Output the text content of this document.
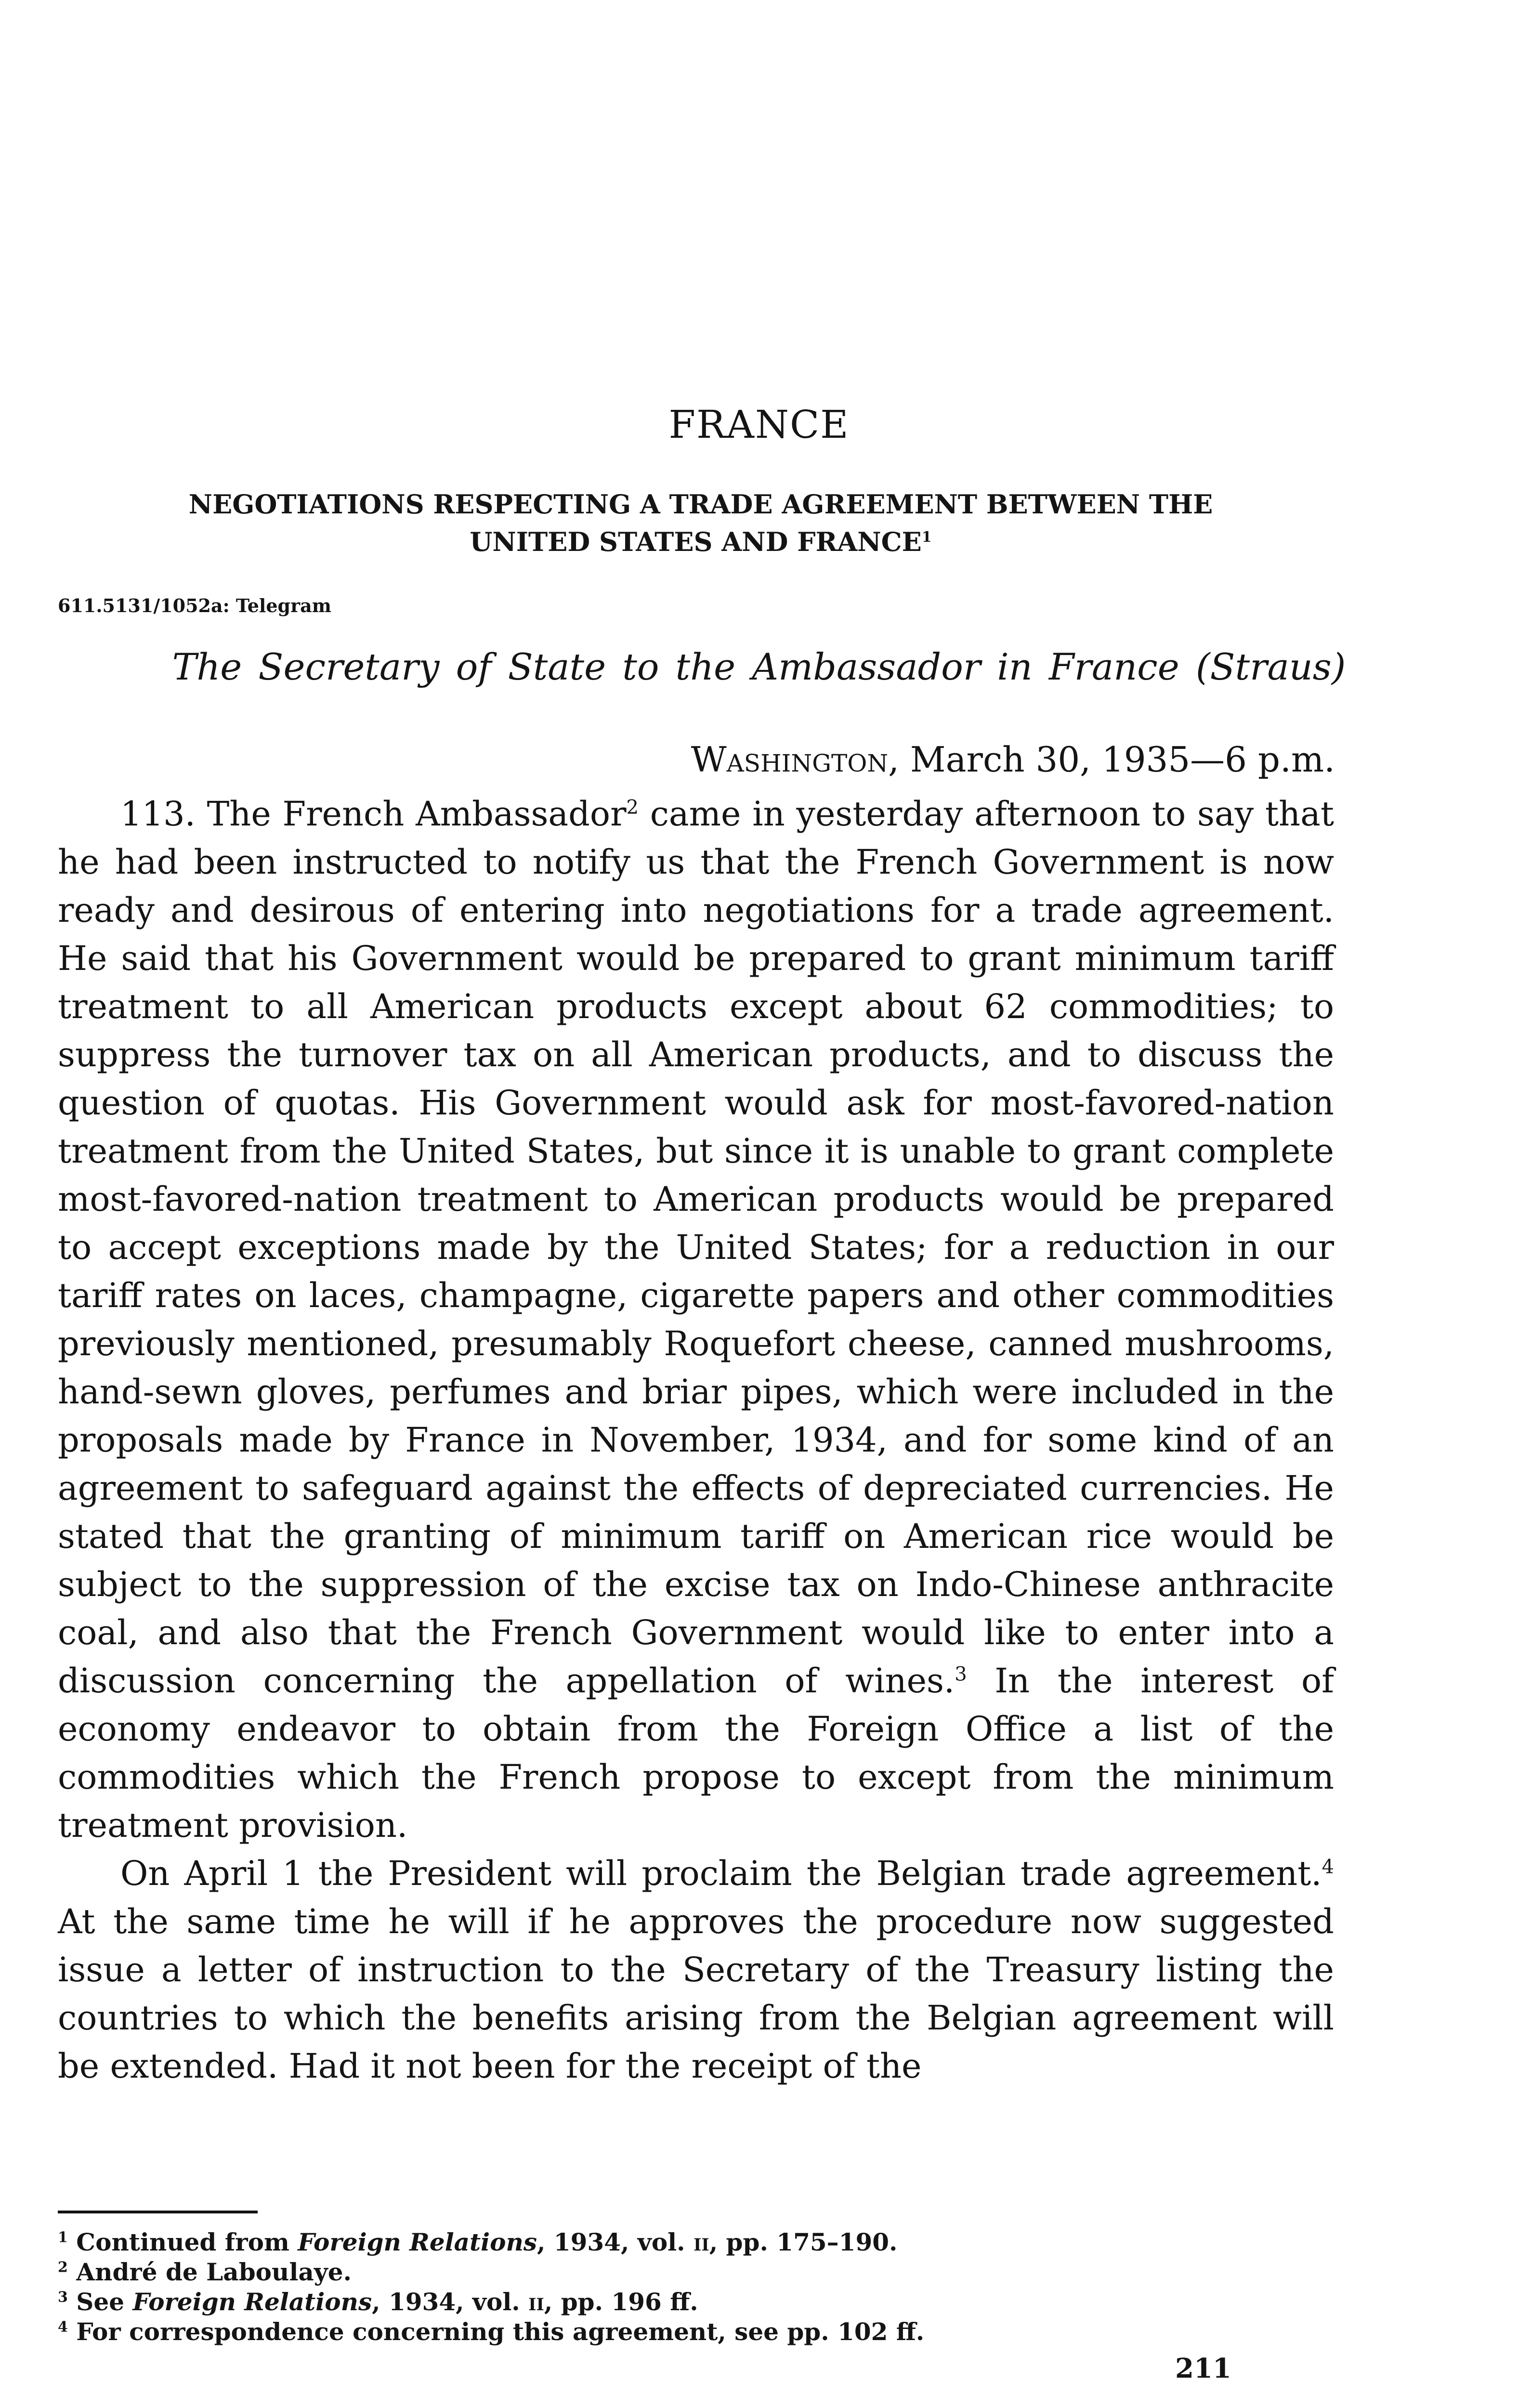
FRANCE
NEGOTIATIONS RESPECTING A TRADE AGREEMENT BETWEEN THE
UNITED STATES AND FRANCE$^1$
611.5131/1052a: Telegram
The Secretary of State to the Ambassador in France (Straus)
Washington, March 30, 1935—6 p.m.

113. The French Ambassador$^2$ came in yesterday afternoon to say that he had been instructed to notify us that the French Government is now ready and desirous of entering into negotiations for a trade agreement. He said that his Government would be prepared to grant minimum tariff treatment to all American products except about 62 commodities; to suppress the turnover tax on all American products, and to discuss the question of quotas. His Government would ask for most-favored-nation treatment from the United States, but since it is unable to grant complete most-favored-nation treatment to American products would be prepared to accept exceptions made by the United States; for a reduction in our tariff rates on laces, champagne, cigarette papers and other commodities previously mentioned, presumably Roquefort cheese, canned mushrooms, hand-sewn gloves, perfumes and briar pipes, which were included in the proposals made by France in November, 1934, and for some kind of an agreement to safeguard against the effects of depreciated currencies. He stated that the granting of minimum tariff on American rice would be subject to the suppression of the excise tax on Indo-Chinese anthracite coal, and also that the French Government would like to enter into a discussion concerning the appellation of wines.$^3$ In the interest of economy endeavor to obtain from the Foreign Office a list of the commodities which the French propose to except from the minimum treatment provision.

On April 1 the President will proclaim the Belgian trade agreement.$^4$ At the same time he will if he approves the procedure now suggested issue a letter of instruction to the Secretary of the Treasury listing the countries to which the benefits arising from the Belgian agreement will be extended. Had it not been for the receipt of the

$^1$ Continued from Foreign Relations, 1934, vol. ii, pp. 175–190.
$^2$ André de Laboulaye.
$^3$ See Foreign Relations, 1934, vol. ii, pp. 196 ff.
$^4$ For correspondence concerning this agreement, see pp. 102 ff.
211
